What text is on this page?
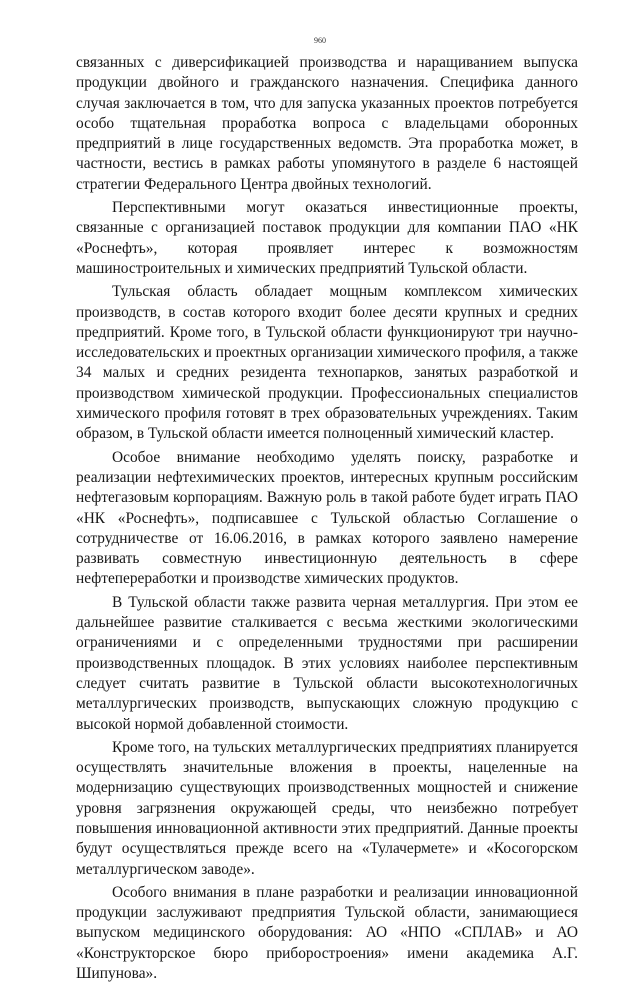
960

связанных с диверсификацией производства и наращиванием выпуска продукции двойного и гражданского назначения. Специфика данного случая заключается в том, что для запуска указанных проектов потребуется особо тщательная проработка вопроса с владельцами оборонных предприятий в лице государственных ведомств. Эта проработка может, в частности, вестись в рамках работы упомянутого в разделе 6 настоящей стратегии Федерального Центра двойных технологий.

Перспективными могут оказаться инвестиционные проекты, связанные с организацией поставок продукции для компании ПАО «НК «Роснефть», которая проявляет интерес к возможностям машиностроительных и химических предприятий Тульской области.

Тульская область обладает мощным комплексом химических производств, в состав которого входит более десяти крупных и средних предприятий. Кроме того, в Тульской области функционируют три научно-исследовательских и проектных организации химического профиля, а также 34 малых и средних резидента технопарков, занятых разработкой и производством химической продукции. Профессиональных специалистов химического профиля готовят в трех образовательных учреждениях. Таким образом, в Тульской области имеется полноценный химический кластер.

Особое внимание необходимо уделять поиску, разработке и реализации нефтехимических проектов, интересных крупным российским нефтегазовым корпорациям. Важную роль в такой работе будет играть ПАО «НК «Роснефть», подписавшее с Тульской областью Соглашение о сотрудничестве от 16.06.2016, в рамках которого заявлено намерение развивать совместную инвестиционную деятельность в сфере нефтепереработки и производстве химических продуктов.

В Тульской области также развита черная металлургия. При этом ее дальнейшее развитие сталкивается с весьма жесткими экологическими ограничениями и с определенными трудностями при расширении производственных площадок. В этих условиях наиболее перспективным следует считать развитие в Тульской области высокотехнологичных металлургических производств, выпускающих сложную продукцию с высокой нормой добавленной стоимости.

Кроме того, на тульских металлургических предприятиях планируется осуществлять значительные вложения в проекты, нацеленные на модернизацию существующих производственных мощностей и снижение уровня загрязнения окружающей среды, что неизбежно потребует повышения инновационной активности этих предприятий. Данные проекты будут осуществляться прежде всего на «Тулачермете» и «Косогорском металлургическом заводе».

Особого внимания в плане разработки и реализации инновационной продукции заслуживают предприятия Тульской области, занимающиеся выпуском медицинского оборудования: АО «НПО «СПЛАВ» и АО «Конструкторское бюро приборостроения» имени академика А.Г. Шипунова».
